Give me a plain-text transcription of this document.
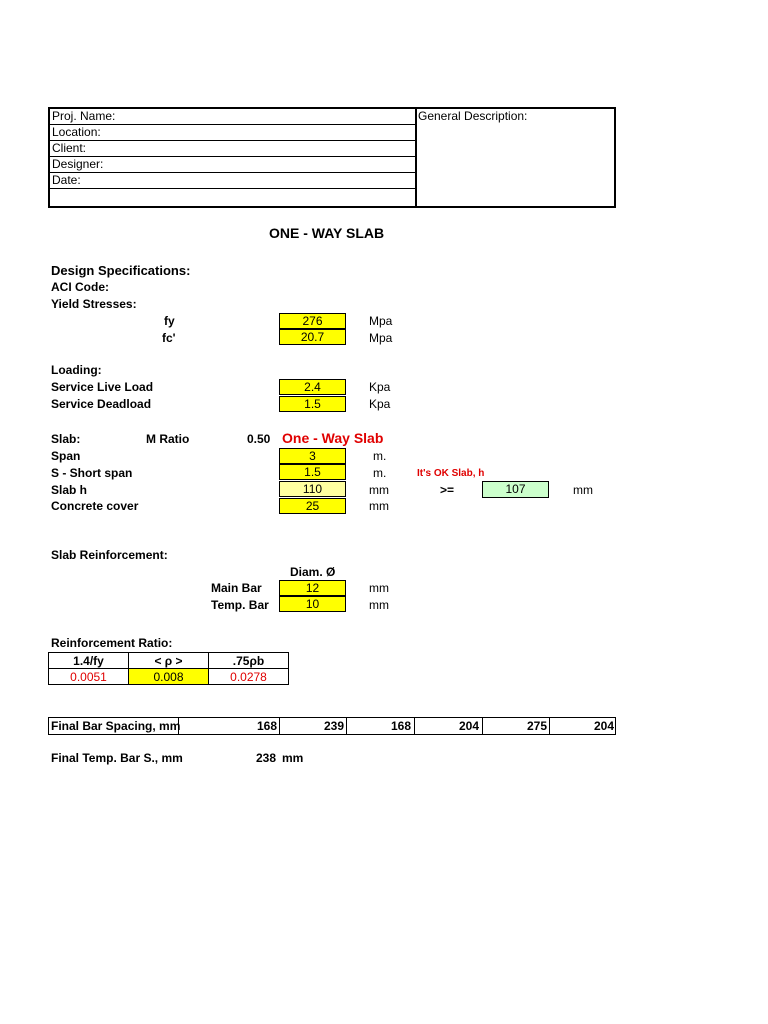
Proj. Name:
Location:
Client:
Designer:
Date:
General Description:
ONE - WAY SLAB
Design Specifications:
ACI Code:
Yield Stresses:
fy	276	Mpa
fc'	20.7	Mpa
Loading:
Service Live Load	2.4	Kpa
Service Deadload	1.5	Kpa
Slab:	M Ratio	0.50 One - Way Slab
Span	3	m.
S - Short span	1.5	m.	It's OK Slab, h
Slab h	110	mm	>=	107	mm
Concrete cover	25	mm
Slab Reinforcement:
Diam. Ø
Main Bar	12	mm
Temp. Bar	10	mm
Reinforcement Ratio:
1.4/fy	< ρ >	.75ρb
0.0051	0.008	0.0278
Final Bar Spacing, mm	168	239	168	204	275	204
Final Temp. Bar S., mm	238 mm
